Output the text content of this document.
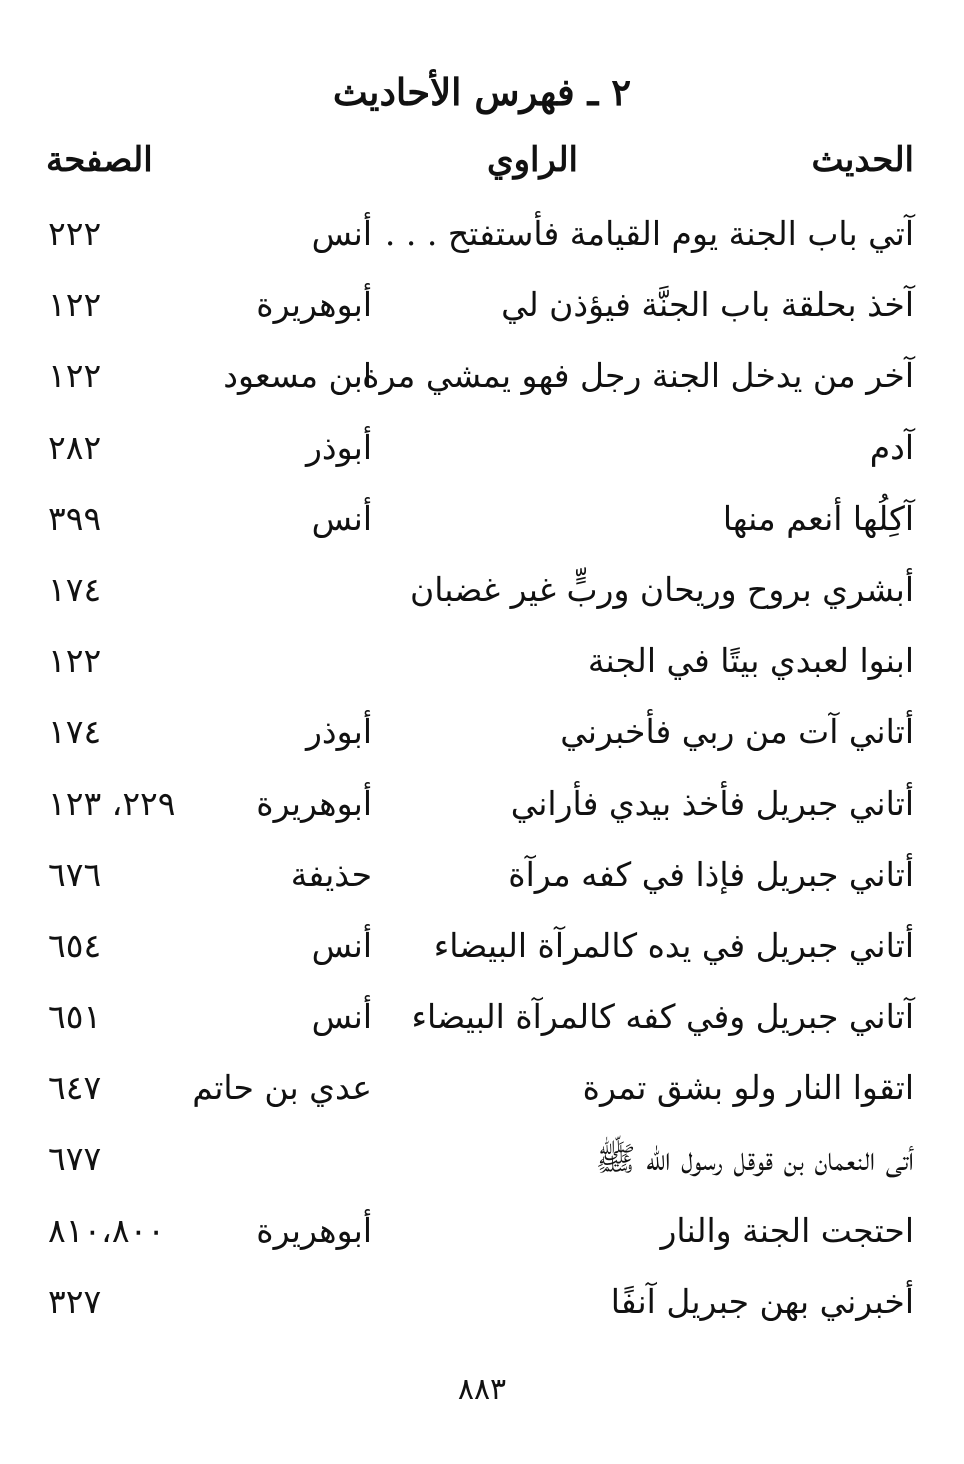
٢ ـ فهرس الأحاديث
الحديث
الراوي
الصفحة
آتي باب الجنة يوم القيامة فأستفتح . . .
أنس
٢٢٢
آخذ بحلقة باب الجنَّة فيؤذن لي
أبوهريرة
١٢٢
آخر من يدخل الجنة رجل فهو يمشي مرة
ابن مسعود
١٢٢
آدم
أبوذر
٢٨٢
آكِلُها أنعم منها
أنس
٣٩٩
أبشري بروح وريحان وربٍّ غير غضبان
١٧٤
ابنوا لعبدي بيتًا في الجنة
١٢٢
أتاني آت من ربي فأخبرني
أبوذر
١٧٤
أتاني جبريل فأخذ بيدي فأراني
أبوهريرة
٢٢٩، ١٢٣
أتاني جبريل فإذا في كفه مرآة
حذيفة
٦٧٦
أتاني جبريل في يده كالمرآة البيضاء
أنس
٦٥٤
آتاني جبريل وفي كفه كالمرآة البيضاء
أنس
٦٥١
اتقوا النار ولو بشق تمرة
عدي بن حاتم
٦٤٧
أتى النعمان بن قوقل رسول الله ﷺ
٦٧٧
احتجت الجنة والنار
أبوهريرة
٨١٠،٨٠٠
أخبرني بهن جبريل آنفًا
٣٢٧

٨٨٣
